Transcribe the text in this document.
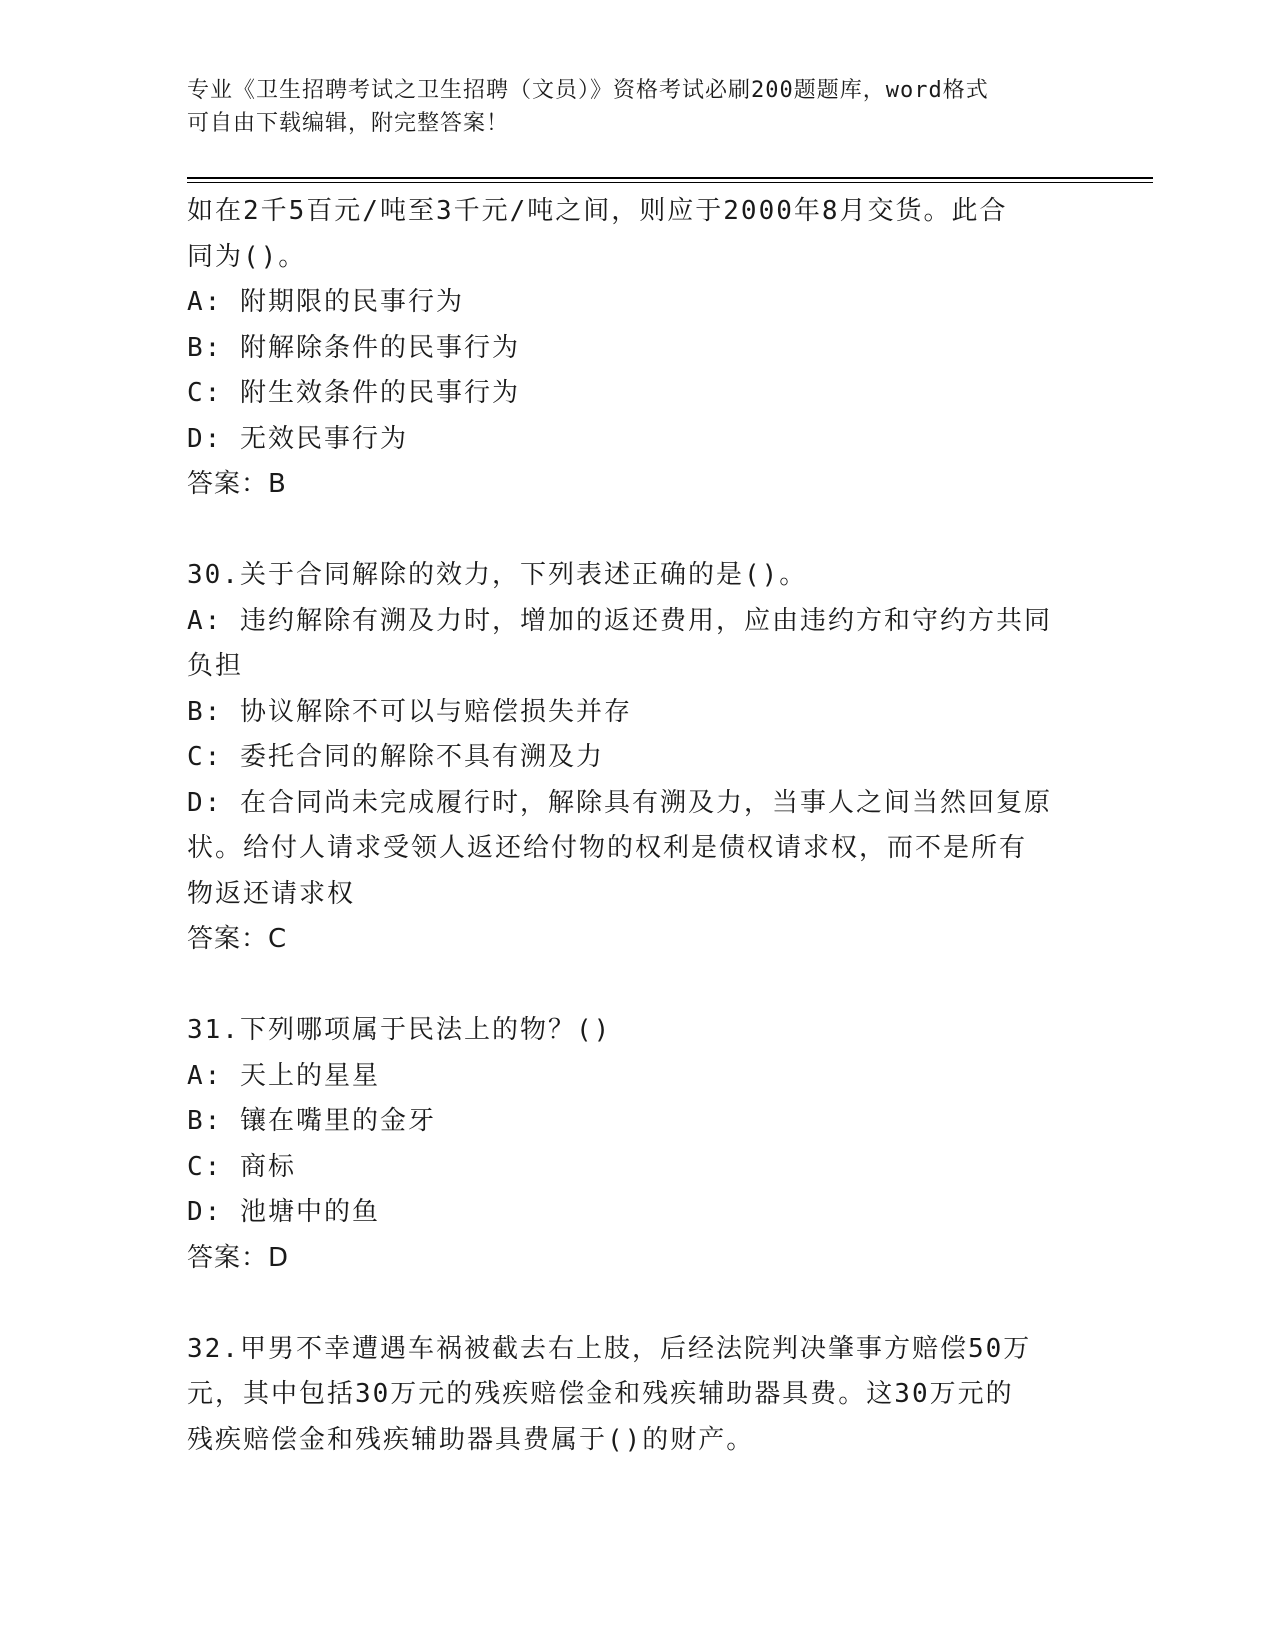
专业《卫生招聘考试之卫生招聘（文员）》资格考试必刷200题题库，word格式
可自由下载编辑，附完整答案！
如在2千5百元/吨至3千元/吨之间，则应于2000年8月交货。此合
同为()。
A: 附期限的民事行为
B: 附解除条件的民事行为
C: 附生效条件的民事行为
D: 无效民事行为
答案：B
30.关于合同解除的效力，下列表述正确的是()。
A: 违约解除有溯及力时，增加的返还费用，应由违约方和守约方共同
负担
B: 协议解除不可以与赔偿损失并存
C: 委托合同的解除不具有溯及力
D: 在合同尚未完成履行时，解除具有溯及力，当事人之间当然回复原
状。给付人请求受领人返还给付物的权利是债权请求权，而不是所有
物返还请求权
答案：C
31.下列哪项属于民法上的物？()
A: 天上的星星
B: 镶在嘴里的金牙
C: 商标
D: 池塘中的鱼
答案：D
32.甲男不幸遭遇车祸被截去右上肢，后经法院判决肇事方赔偿50万
元，其中包括30万元的残疾赔偿金和残疾辅助器具费。这30万元的
残疾赔偿金和残疾辅助器具费属于()的财产。
